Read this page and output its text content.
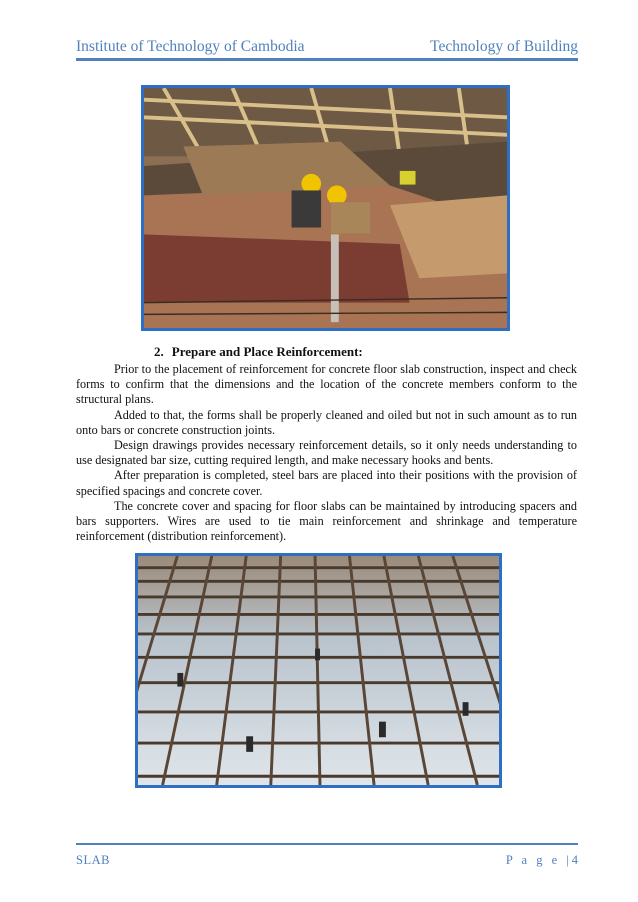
Institute of Technology of Cambodia	Technology of Building
2. Prepare and Place Reinforcement:

Prior to the placement of reinforcement for concrete floor slab construction, inspect and check forms to confirm that the dimensions and the location of the concrete members conform to the structural plans.

Added to that, the forms shall be properly cleaned and oiled but not in such amount as to run onto bars or concrete construction joints.

Design drawings provides necessary reinforcement details, so it only needs understanding to use designated bar size, cutting required length, and make necessary hooks and bents.

After preparation is completed, steel bars are placed into their positions with the provision of specified spacings and concrete cover.

The concrete cover and spacing for floor slabs can be maintained by introducing spacers and bars supporters. Wires are used to tie main reinforcement and shrinkage and temperature reinforcement (distribution reinforcement).

SLAB	P a g e |4
